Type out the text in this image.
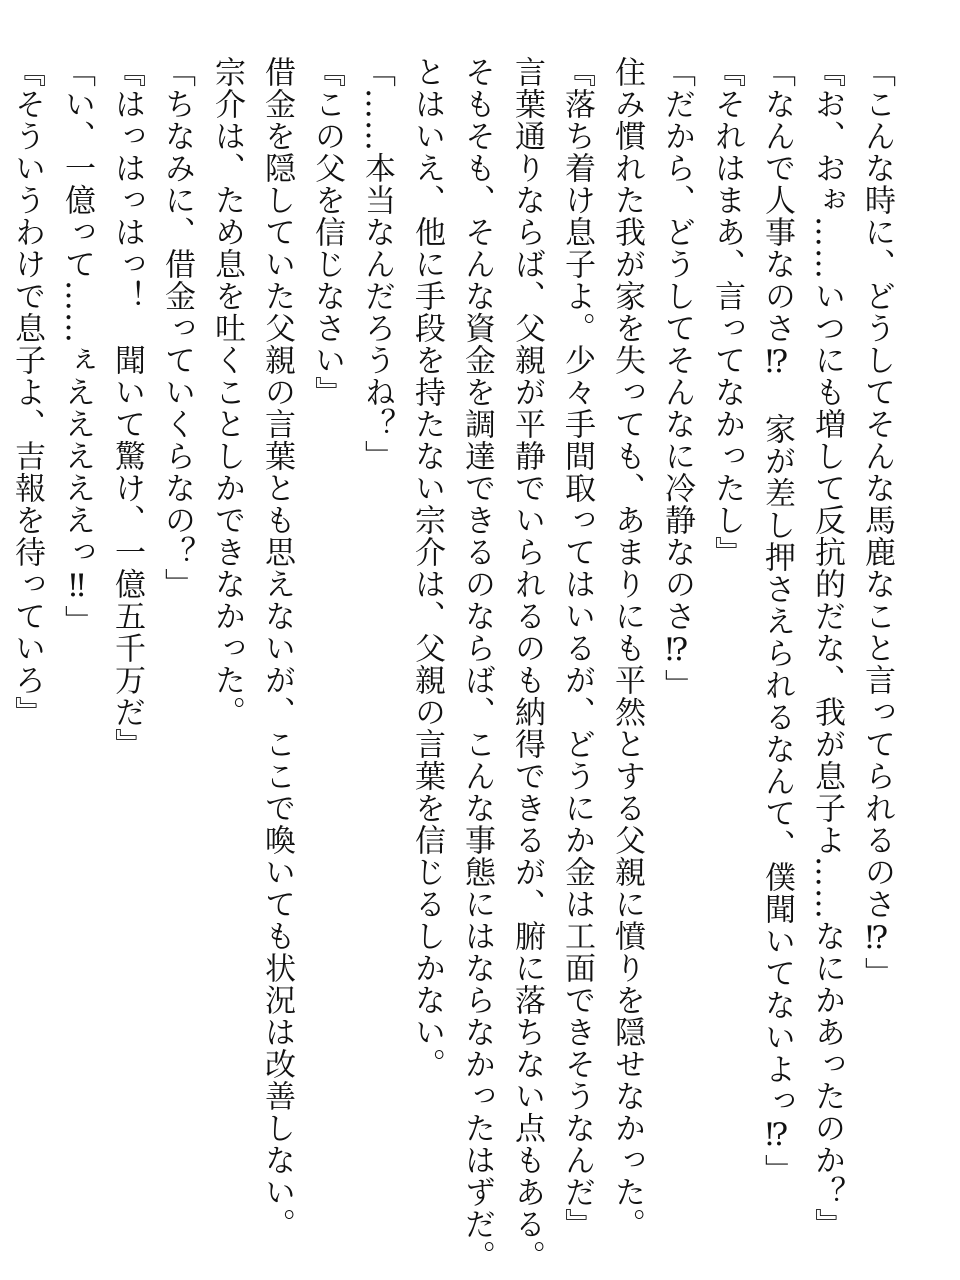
「こんな時に、どうしてそんな馬鹿なこと言ってられるのさ⁉」
『お、おぉ……いつにも増して反抗的だな、我が息子よ……なにかあったのか？』
「なんで人事なのさ⁉　家が差し押さえられるなんて、僕聞いてないよっ⁉」
『それはまあ、言ってなかったし』
「だから、どうしてそんなに冷静なのさ⁉」
住み慣れた我が家を失っても、あまりにも平然とする父親に憤りを隠せなかった。
『落ち着け息子よ。少々手間取ってはいるが、どうにか金は工面できそうなんだ』
言葉通りならば、父親が平静でいられるのも納得できるが、腑に落ちない点もある。
そもそも、そんな資金を調達できるのならば、こんな事態にはならなかったはずだ。
とはいえ、他に手段を持たない宗介は、父親の言葉を信じるしかない。
「……本当なんだろうね？」
『この父を信じなさい』
借金を隠していた父親の言葉とも思えないが、ここで喚いても状況は改善しない。
宗介は、ため息を吐くことしかできなかった。
「ちなみに、借金っていくらなの？」
『はっはっはっ！　聞いて驚け、一億五千万だ』
「い、一億って……ぇえええええっ‼」
『そういうわけで息子よ、吉報を待っていろ』
